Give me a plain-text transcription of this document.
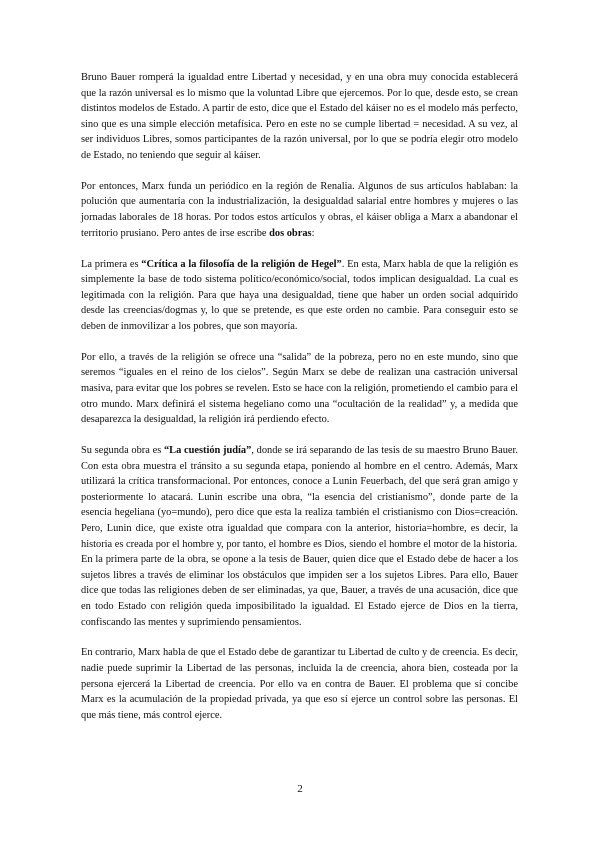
Bruno Bauer romperá la igualdad entre Libertad y necesidad, y en una obra muy conocida establecerá que la razón universal es lo mismo que la voluntad Libre que ejercemos. Por lo que, desde esto, se crean distintos modelos de Estado. A partir de esto, dice que el Estado del káiser no es el modelo más perfecto, sino que es una simple elección metafísica. Pero en este no se cumple libertad = necesidad. A su vez, al ser individuos Libres, somos participantes de la razón universal, por lo que se podría elegir otro modelo de Estado, no teniendo que seguir al káiser.

Por entonces, Marx funda un periódico en la región de Renalia. Algunos de sus artículos hablaban: la polución que aumentaría con la industrialización, la desigualdad salarial entre hombres y mujeres o las jornadas laborales de 18 horas. Por todos estos artículos y obras, el káiser obliga a Marx a abandonar el territorio prusiano. Pero antes de irse escribe dos obras:

La primera es “Crítica a la filosofía de la religión de Hegel”. En esta, Marx habla de que la religión es simplemente la base de todo sistema político/económico/social, todos implican desigualdad. La cual es legitimada con la religión. Para que haya una desigualdad, tiene que haber un orden social adquirido desde las creencias/dogmas y, lo que se pretende, es que este orden no cambie. Para conseguir esto se deben de inmovilizar a los pobres, que son mayoría.

Por ello, a través de la religión se ofrece una “salida” de la pobreza, pero no en este mundo, sino que seremos “iguales en el reino de los cielos”. Según Marx se debe de realizan una castración universal masiva, para evitar que los pobres se revelen. Esto se hace con la religión, prometiendo el cambio para el otro mundo. Marx definirá el sistema hegeliano como una “ocultación de la realidad” y, a medida que desaparezca la desigualdad, la religión irá perdiendo efecto.

Su segunda obra es “La cuestión judía”, donde se irá separando de las tesis de su maestro Bruno Bauer. Con esta obra muestra el tránsito a su segunda etapa, poniendo al hombre en el centro. Además, Marx utilizará la crítica transformacional. Por entonces, conoce a Lunin Feuerbach, del que será gran amigo y posteriormente lo atacará. Lunin escribe una obra, “la esencia del cristianismo”, donde parte de la esencia hegeliana (yo=mundo), pero dice que esta la realiza también el cristianismo con Dios=creación. Pero, Lunin dice, que existe otra igualdad que compara con la anterior, historia=hombre, es decir, la historia es creada por el hombre y, por tanto, el hombre es Dios, siendo el hombre el motor de la historia.

En la primera parte de la obra, se opone a la tesis de Bauer, quien dice que el Estado debe de hacer a los sujetos libres a través de eliminar los obstáculos que impiden ser a los sujetos Libres. Para ello, Bauer dice que todas las religiones deben de ser eliminadas, ya que, Bauer, a través de una acusación, dice que en todo Estado con religión queda imposibilitado la igualdad. El Estado ejerce de Dios en la tierra, confiscando las mentes y suprimiendo pensamientos.

En contrario, Marx habla de que el Estado debe de garantizar tu Libertad de culto y de creencia. Es decir, nadie puede suprimir la Libertad de las personas, incluida la de creencia, ahora bien, costeada por la persona ejercerá la Libertad de creencia. Por ello va en contra de Bauer. El problema que sí concibe Marx es la acumulación de la propiedad privada, ya que eso sí ejerce un control sobre las personas. El que más tiene, más control ejerce.

2
